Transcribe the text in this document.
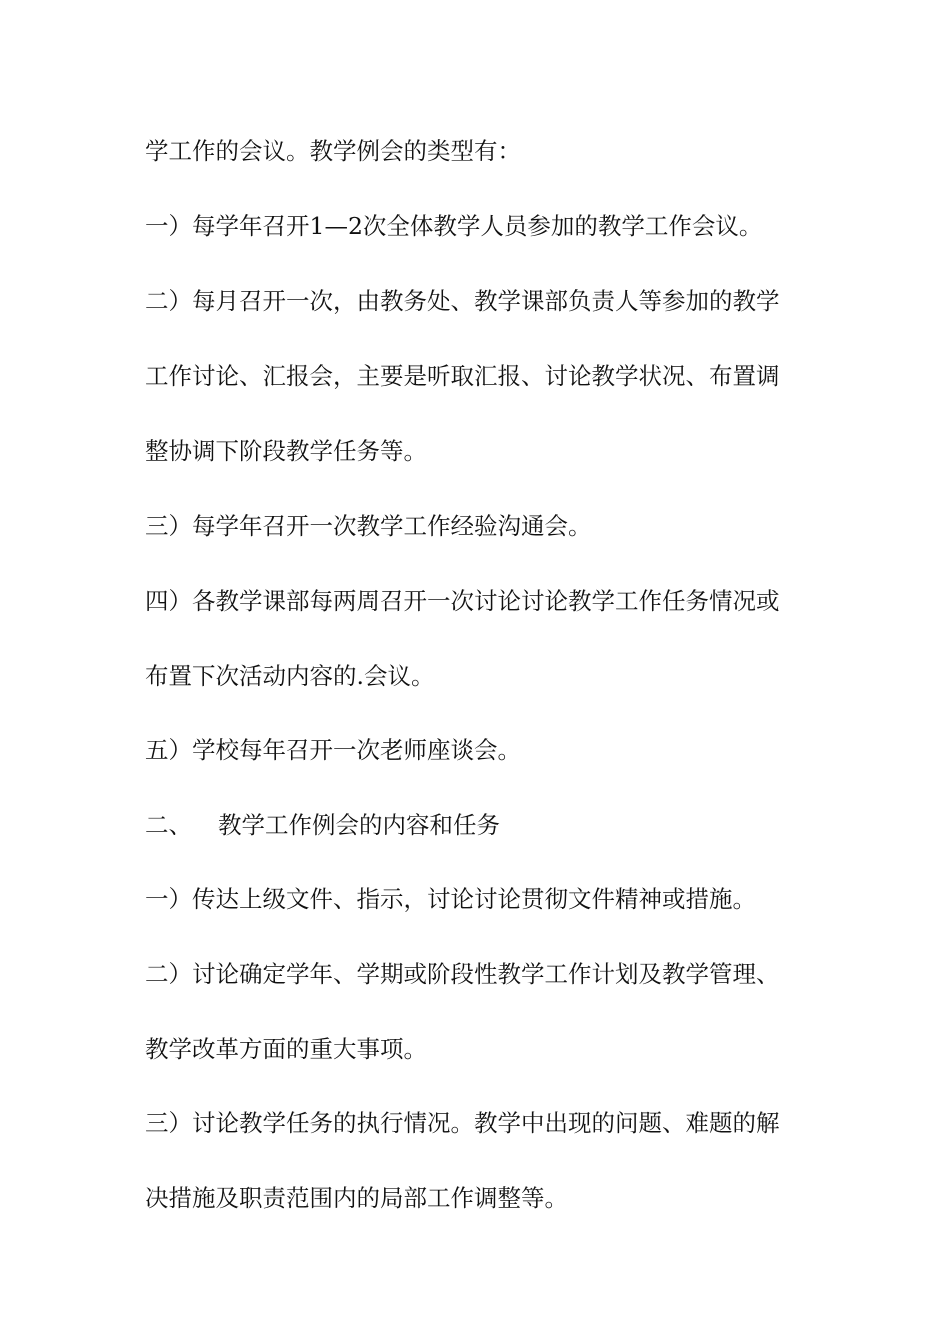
学工作的会议。教学例会的类型有：
一）每学年召开1—2次全体教学人员参加的教学工作会议。
二）每月召开一次，由教务处、教学课部负责人等参加的教学
工作讨论、汇报会，主要是听取汇报、讨论教学状况、布置调
整协调下阶段教学任务等。
三）每学年召开一次教学工作经验沟通会。
四）各教学课部每两周召开一次讨论讨论教学工作任务情况或
布置下次活动内容的.会议。
五）学校每年召开一次老师座谈会。
二、 教学工作例会的内容和任务
一）传达上级文件、指示，讨论讨论贯彻文件精神或措施。
二）讨论确定学年、学期或阶段性教学工作计划及教学管理、
教学改革方面的重大事项。
三）讨论教学任务的执行情况。教学中出现的问题、难题的解
决措施及职责范围内的局部工作调整等。
